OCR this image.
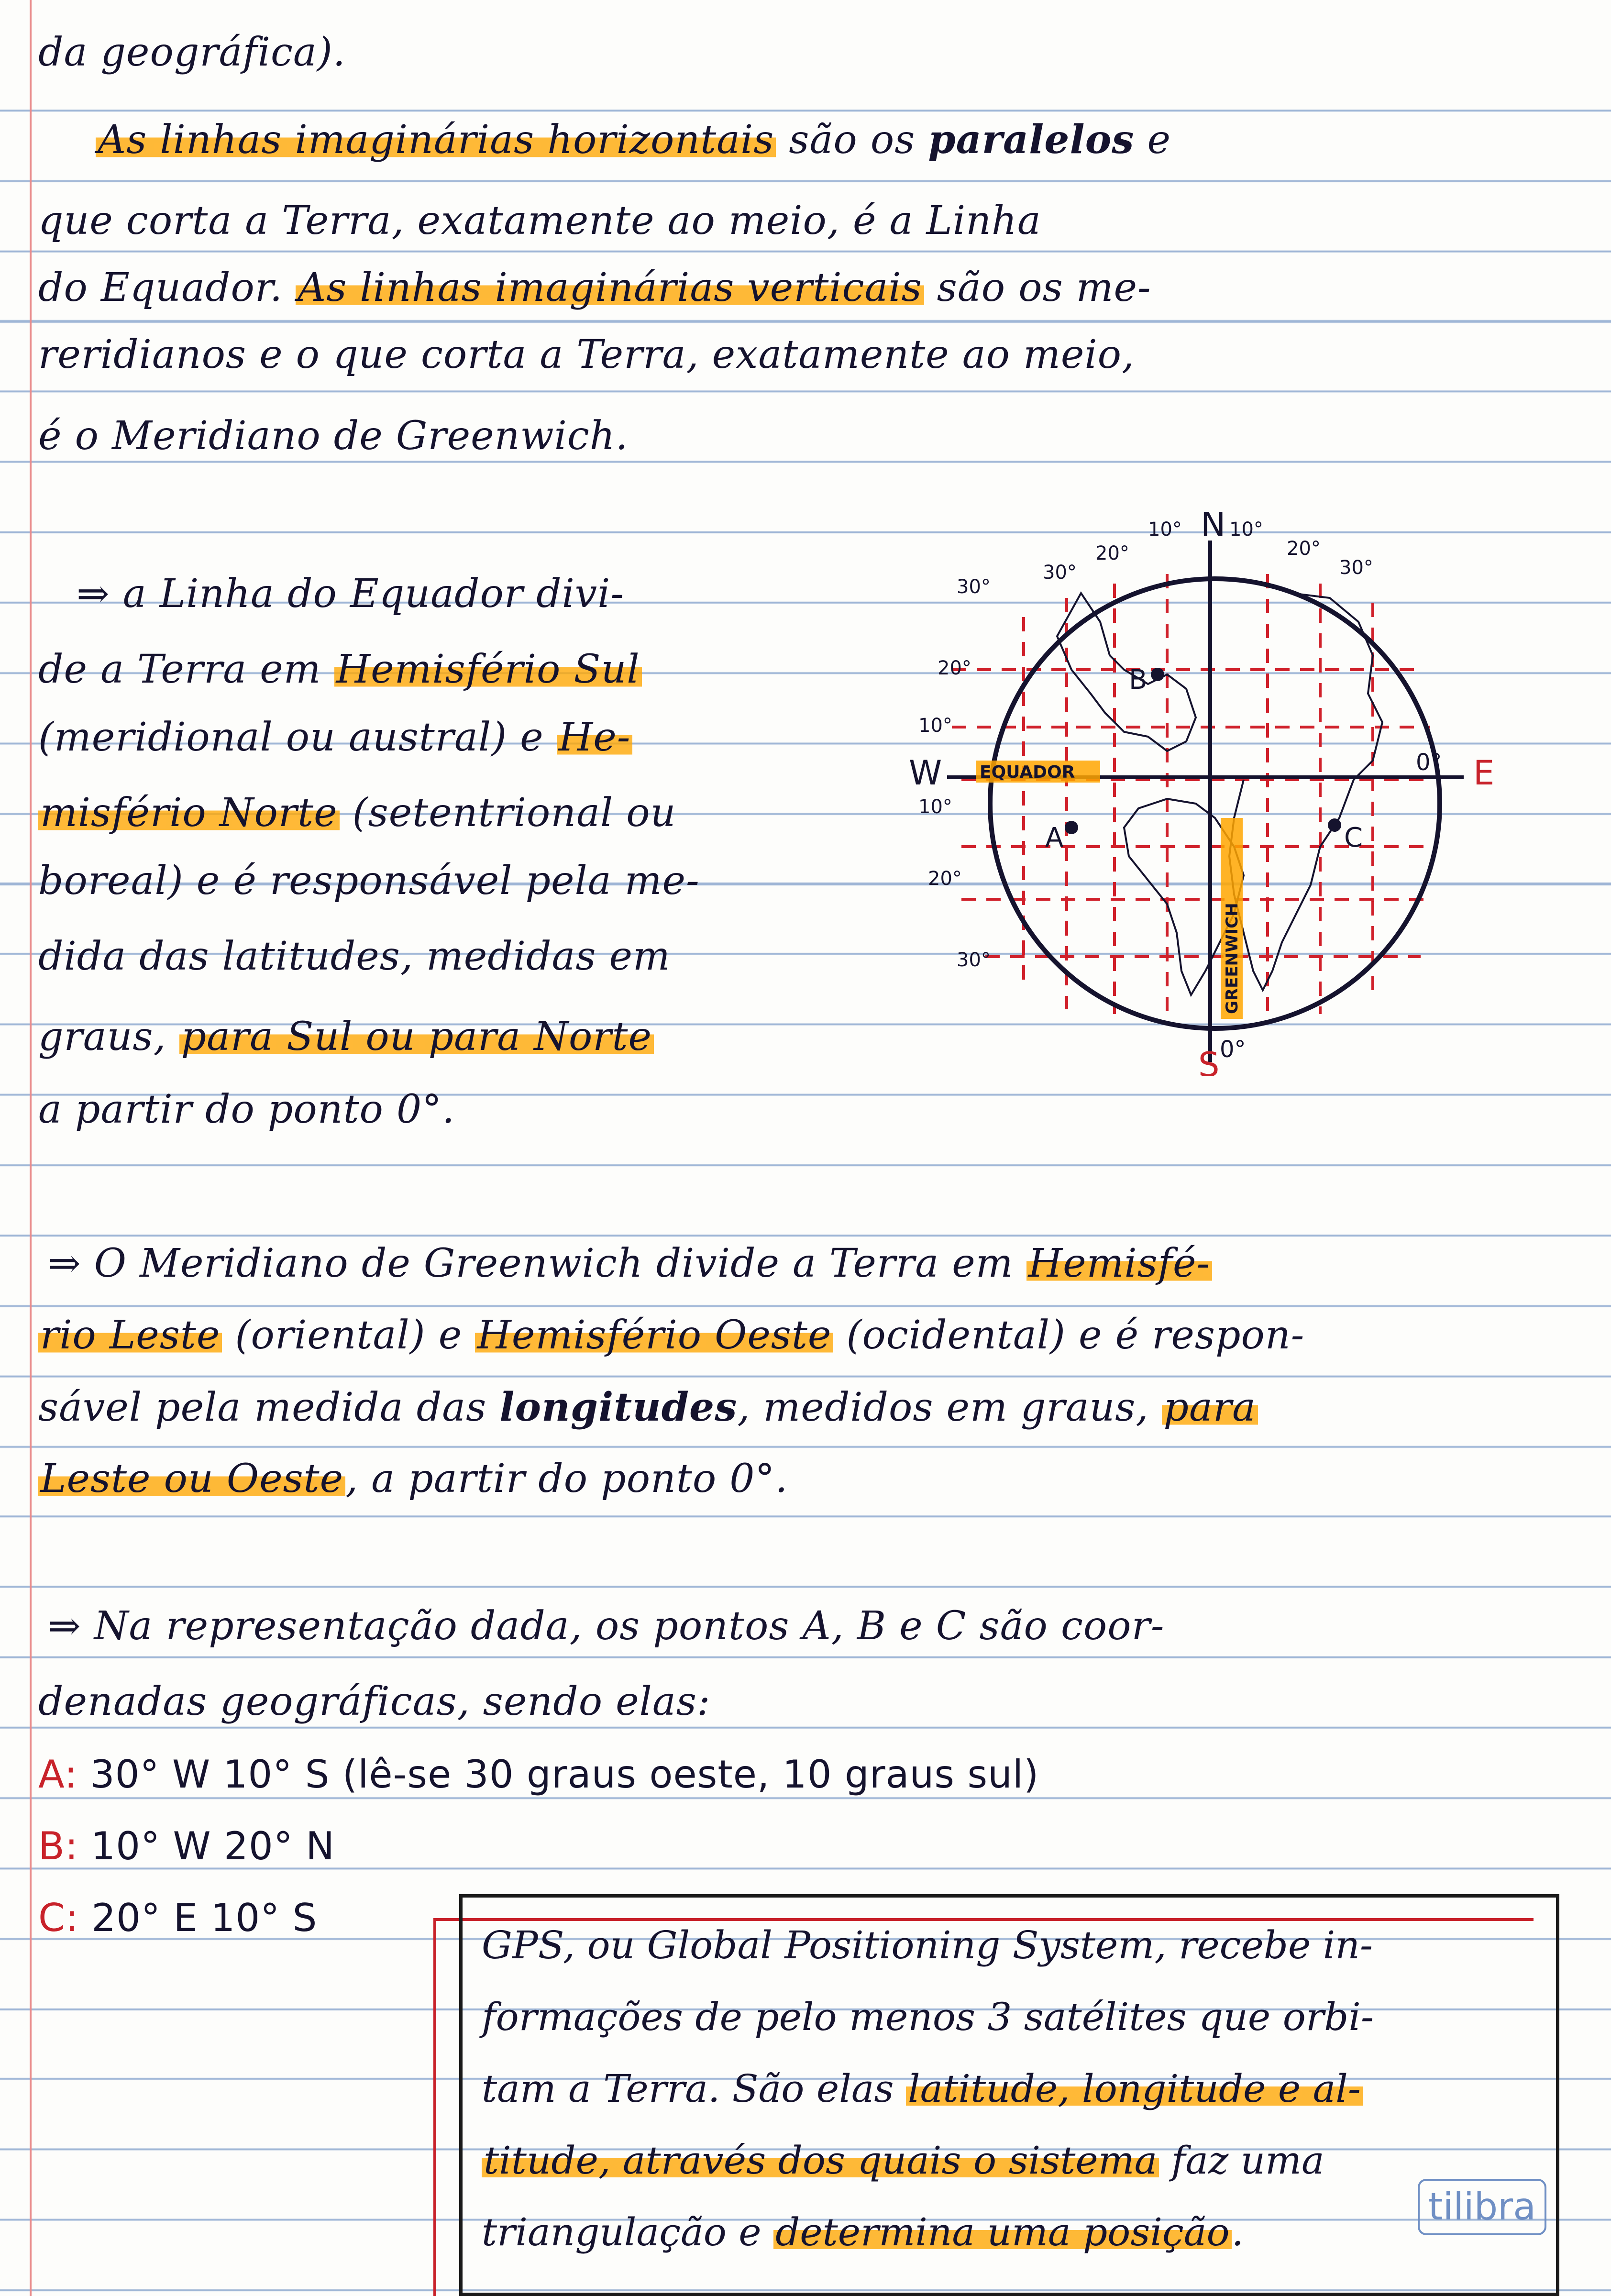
da geográfica).
As linhas imaginárias horizontais são os paralelos e
que corta a Terra, exatamente ao meio, é a Linha
do Equador. As linhas imaginárias verticais são os me-
reridianos e o que corta a Terra, exatamente ao meio,
é o Meridiano de Greenwich.
⇒ a Linha do Equador divi-
de a Terra em Hemisfério Sul
(meridional ou austral) e He-
misfério Norte (setentrional ou
boreal) e é responsável pela me-
dida das latitudes, medidas em
graus, para Sul ou para Norte
a partir do ponto 0°.
N
S
E
W	0°
0°
EQUADOR
GREENWICH
10°
20°
30°
10°
20°
30°
30°
20°
10°
10°
20°
30°
A
B
C
⇒ O Meridiano de Greenwich divide a Terra em Hemisfé-
rio Leste (oriental) e Hemisfério Oeste (ocidental) e é respon-
sável pela medida das longitudes, medidos em graus, para
Leste ou Oeste, a partir do ponto 0°.
⇒ Na representação dada, os pontos A, B e C são coor-
denadas geográficas, sendo elas:
A: 30° W 10° S (lê-se 30 graus oeste, 10 graus sul)
B: 10° W 20° N
C: 20° E 10° S
GPS, ou Global Positioning System, recebe in-
formações de pelo menos 3 satélites que orbi-
tam a Terra. São elas latitude, longitude e al-
titude, através dos quais o sistema faz uma
triangulação e determina uma posição.
tilibra
